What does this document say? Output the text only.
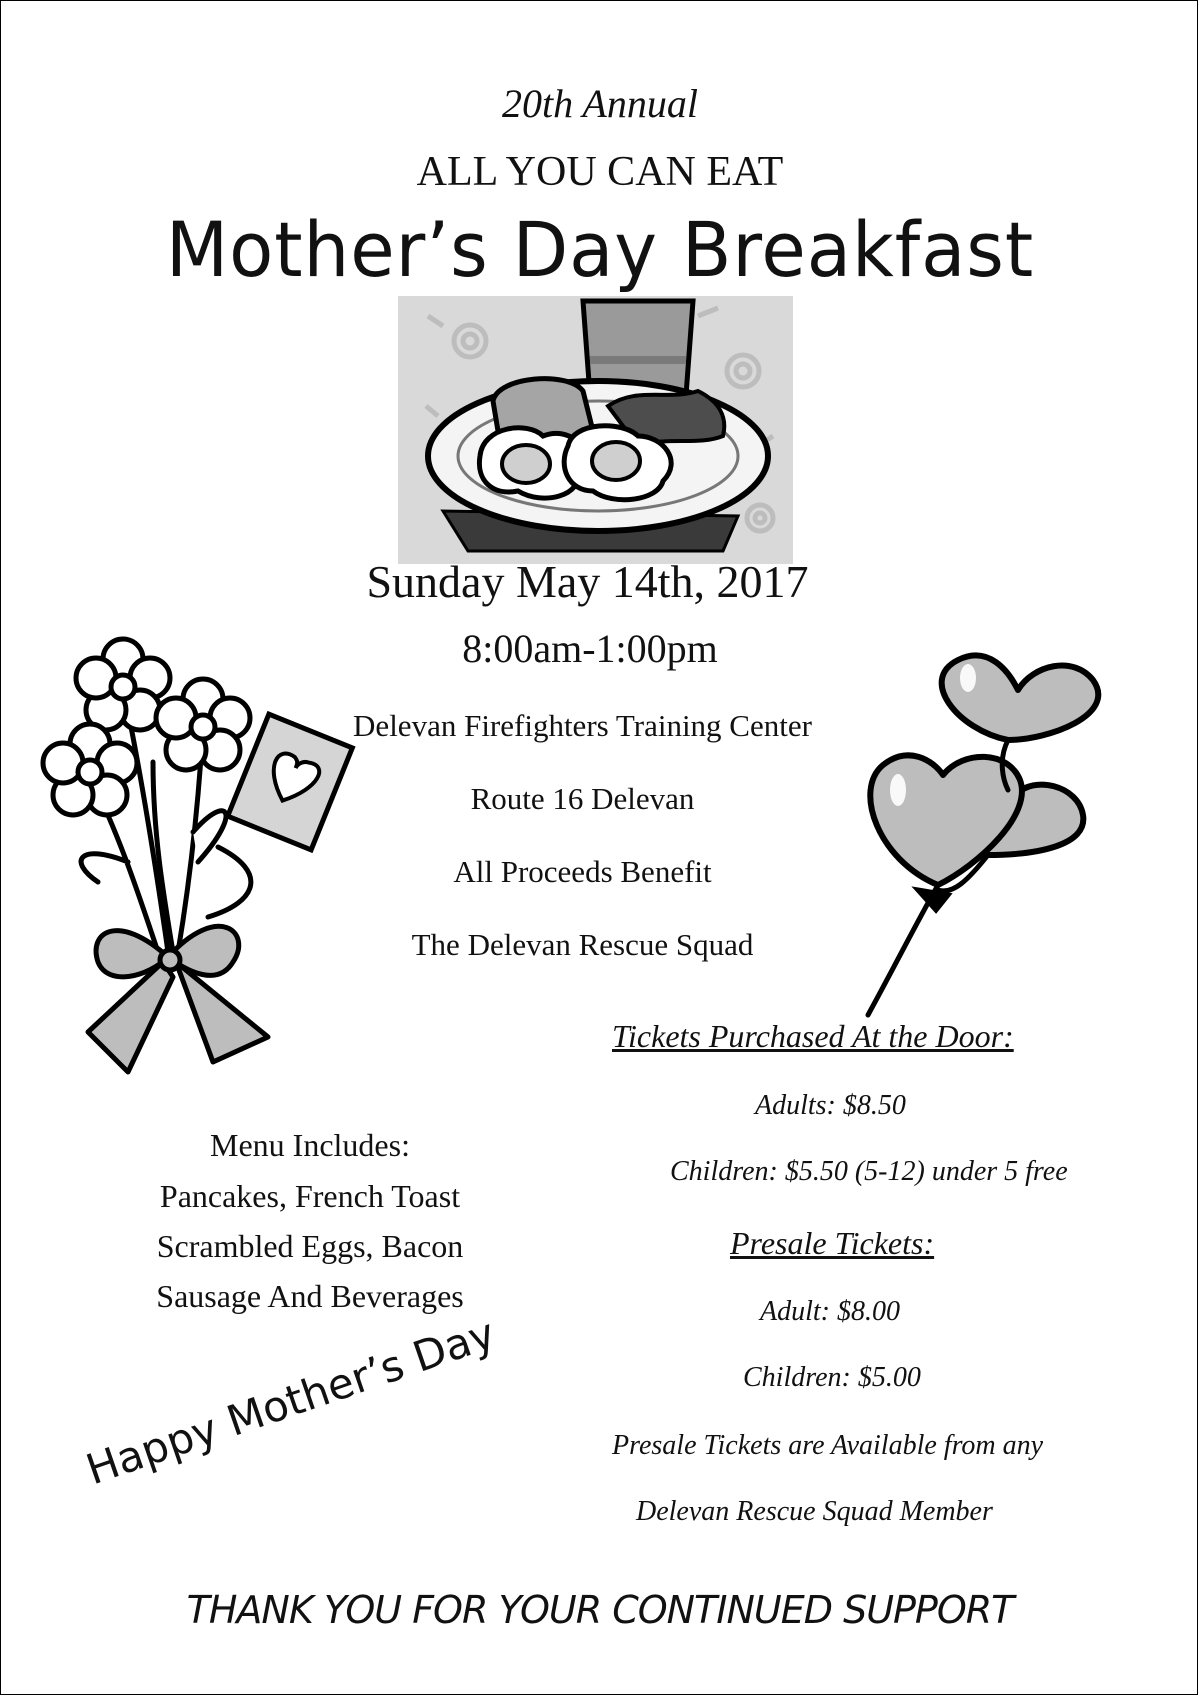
20th Annual
ALL YOU CAN EAT
Mother’s Day Breakfast
Sunday May 14th, 2017
8:00am-1:00pm
Delevan Firefighters Training Center
Route 16 Delevan
All Proceeds Benefit
The Delevan Rescue Squad
Menu Includes:
Pancakes, French Toast
Scrambled Eggs, Bacon
Sausage And Beverages
Tickets Purchased At the Door:
Adults: $8.50
Children: $5.50 (5-12) under 5 free
Presale Tickets:
Adult: $8.00
Children: $5.00
Presale Tickets are Available from any
Delevan Rescue Squad Member
Happy Mother’s Day
THANK YOU FOR YOUR CONTINUED SUPPORT
